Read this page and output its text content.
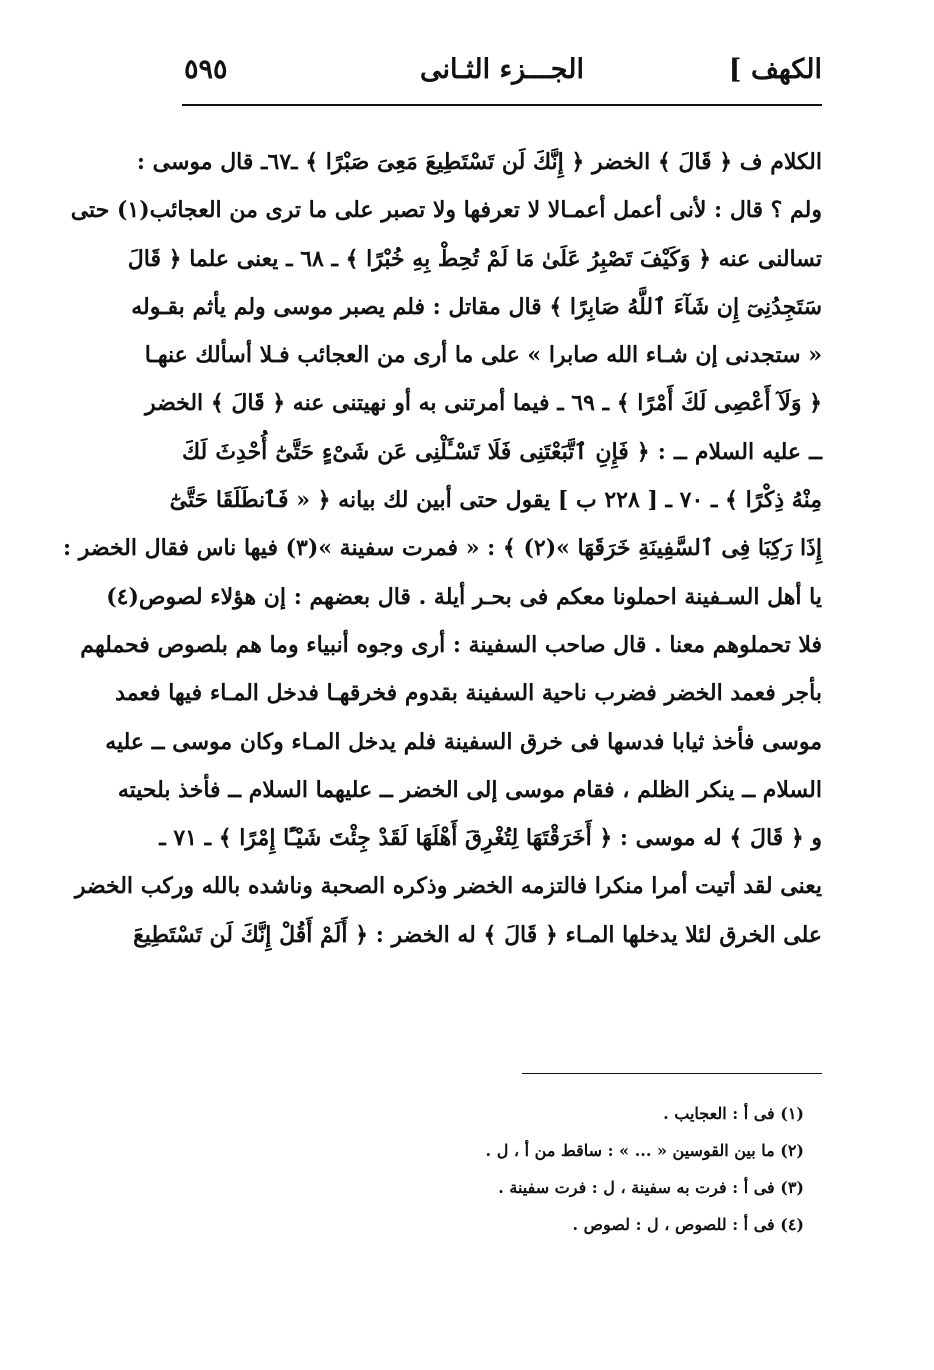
الكهف ]
الجـــزء الثـانى
٥٩٥
الكلام ف ﴿ قَالَ ﴾ الخضر ﴿ إِنَّكَ لَن تَسْتَطِيعَ مَعِىَ صَبْرًا ﴾ ـ٦٧ـ قال موسى :
ولم ؟ قال : لأنى أعمل أعمـالا لا تعرفها ولا تصبر على ما ترى من العجائب(١) حتى
تسالنى عنه ﴿ وَكَيْفَ تَصْبِرُ عَلَىٰ مَا لَمْ تُحِطْ بِهِ خُبْرًا ﴾ ـ ٦٨ ـ يعنى علما ﴿ قَالَ
سَتَجِدُنِىٓ إِن شَآءَ ٱللَّهُ صَابِرًا ﴾ قال مقاتل : فلم يصبر موسى ولم يأثم بقـوله
« ستجدنى إن شـاء الله صابرا » على ما أرى من العجائب فـلا أسألك عنهـا
﴿ وَلَآ أَعْصِى لَكَ أَمْرًا ﴾ ـ ٦٩ ـ فيما أمرتنى به أو نهيتنى عنه ﴿ قَالَ ﴾ الخضر
ــ عليه السلام ــ : ﴿ فَإِنِ ٱتَّبَعْتَنِى فَلَا تَسْـَٔلْنِى عَن شَىْءٍ حَتَّىٰٓ أُحْدِثَ لَكَ
مِنْهُ ذِكْرًا ﴾ ـ ٧٠ ـ [ ٢٢٨ ب ] يقول حتى أبين لك بيانه ﴿ « فَٱنطَلَقَا حَتَّىٰٓ
إِذَا رَكِبَا فِى ٱلسَّفِينَةِ خَرَقَهَا »(٢) ﴾ : « فمرت سفينة »(٣) فيها ناس فقال الخضر :
يا أهل السـفينة احملونا معكم فى بحـر أيلة . قال بعضهم : إن هؤلاء لصوص(٤)
فلا تحملوهم معنا . قال صاحب السفينة : أرى وجوه أنبياء وما هم بلصوص فحملهم
بأجر فعمد الخضر فضرب ناحية السفينة بقدوم فخرقهـا فدخل المـاء فيها فعمد
موسى فأخذ ثيابا فدسها فى خرق السفينة فلم يدخل المـاء وكان موسى ــ عليه
السلام ــ ينكر الظلم ، فقام موسى إلى الخضر ــ عليهما السلام ــ فأخذ بلحيته
و ﴿ قَالَ ﴾ له موسى : ﴿ أَخَرَقْتَهَا لِتُغْرِقَ أَهْلَهَا لَقَدْ جِئْتَ شَيْـًٔا إِمْرًا ﴾ ـ ٧١ ـ
يعنى لقد أتيت أمرا منكرا فالتزمه الخضر وذكره الصحبة وناشده بالله وركب الخضر
على الخرق لئلا يدخلها المـاء ﴿ قَالَ ﴾ له الخضر : ﴿ أَلَمْ أَقُلْ إِنَّكَ لَن تَسْتَطِيعَ
(١) فى أ : العجايب .
(٢) ما بين القوسين « ... » : ساقط من أ ، ل .
(٣) فى أ : فرت به سفينة ، ل : فرت سفينة .
(٤) فى أ : للصوص ، ل : لصوص .
